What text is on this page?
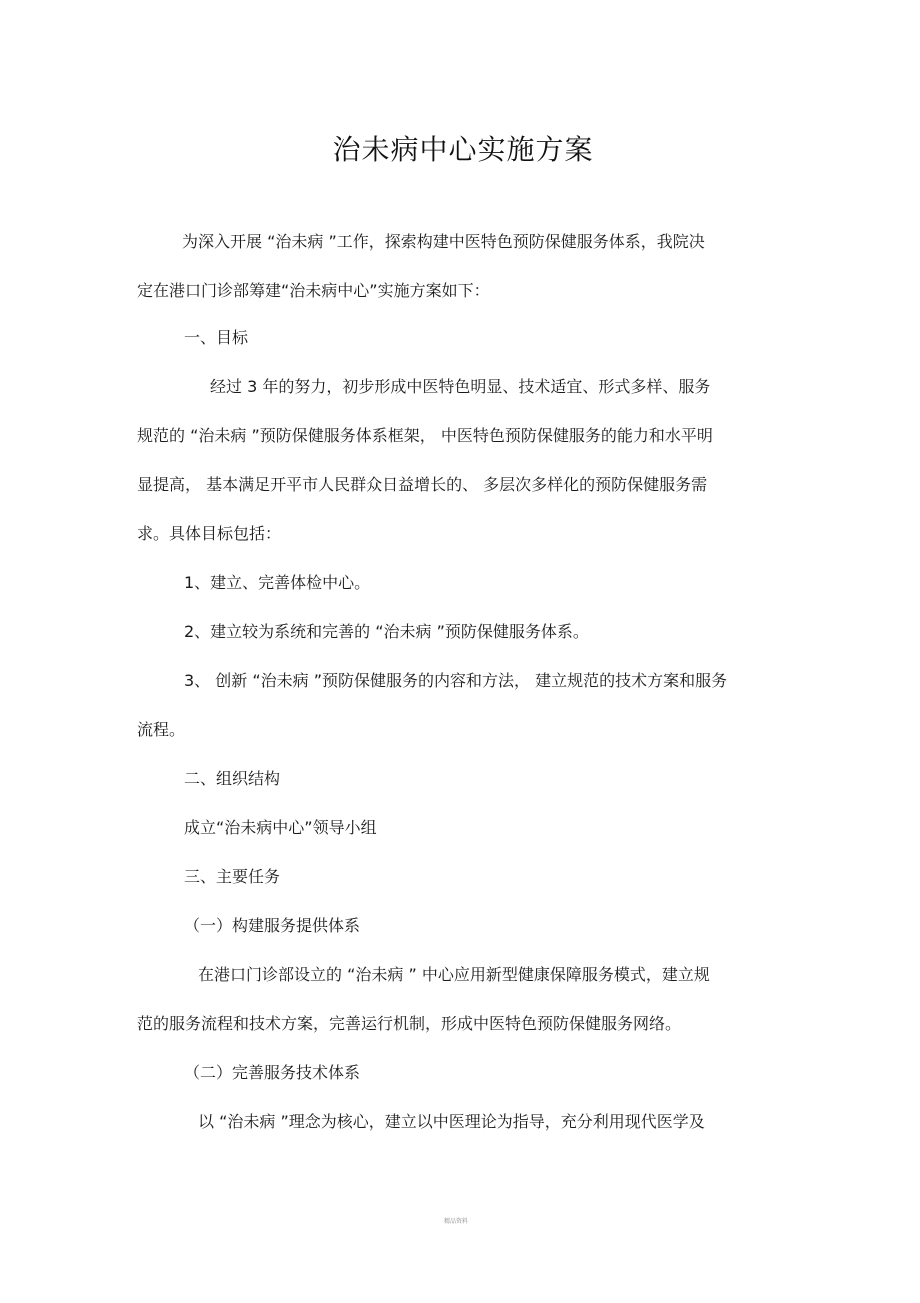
治未病中心实施方案
为深入开展 “治未病 ”工作，探索构建中医特色预防保健服务体系，我院决
定在港口门诊部筹建“治未病中心”实施方案如下：
一、目标
经过 3 年的努力，初步形成中医特色明显、技术适宜、形式多样、服务
规范的 “治未病 ”预防保健服务体系框架， 中医特色预防保健服务的能力和水平明
显提高， 基本满足开平市人民群众日益增长的、 多层次多样化的预防保健服务需
求。具体目标包括：
1、建立、完善体检中心。
2、建立较为系统和完善的 “治未病 ”预防保健服务体系。
3、 创新 “治未病 ”预防保健服务的内容和方法， 建立规范的技术方案和服务
流程。
二、组织结构
成立“治未病中心”领导小组
三、主要任务
（一）构建服务提供体系
在港口门诊部设立的 “治未病 ” 中心应用新型健康保障服务模式，建立规
范的服务流程和技术方案，完善运行机制，形成中医特色预防保健服务网络。
（二）完善服务技术体系
以 “治未病 ”理念为核心，建立以中医理论为指导，充分利用现代医学及
精品资料
